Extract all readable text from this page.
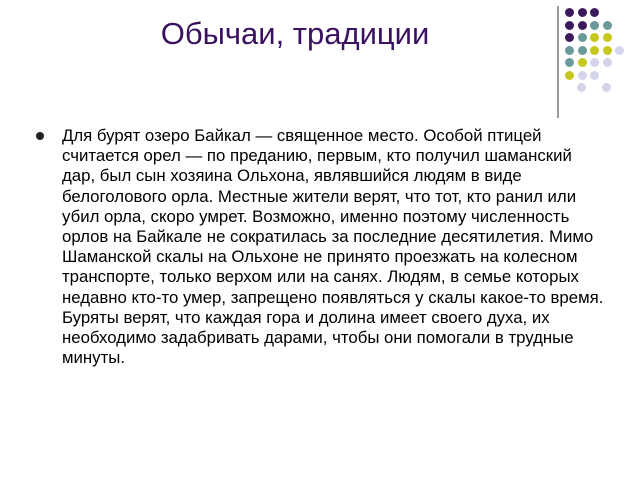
Обычаи, традиции

Для бурят озеро Байкал — священное место. Особой птицей считается орел — по преданию, первым, кто получил шаманский дар, был сын хозяина Ольхона, являвшийся людям в виде белоголового орла. Местные жители верят, что тот, кто ранил или убил орла, скоро умрет. Возможно, именно поэтому численность орлов на Байкале не сократилась за последние десятилетия. Мимо Шаманской скалы на Ольхоне не принято проезжать на колесном транспорте, только верхом или на санях. Людям, в семье которых недавно кто-то умер, запрещено появляться у скалы какое-то время. Буряты верят, что каждая гора и долина имеет своего духа, их необходимо задабривать дарами, чтобы они помогали в трудные минуты.
